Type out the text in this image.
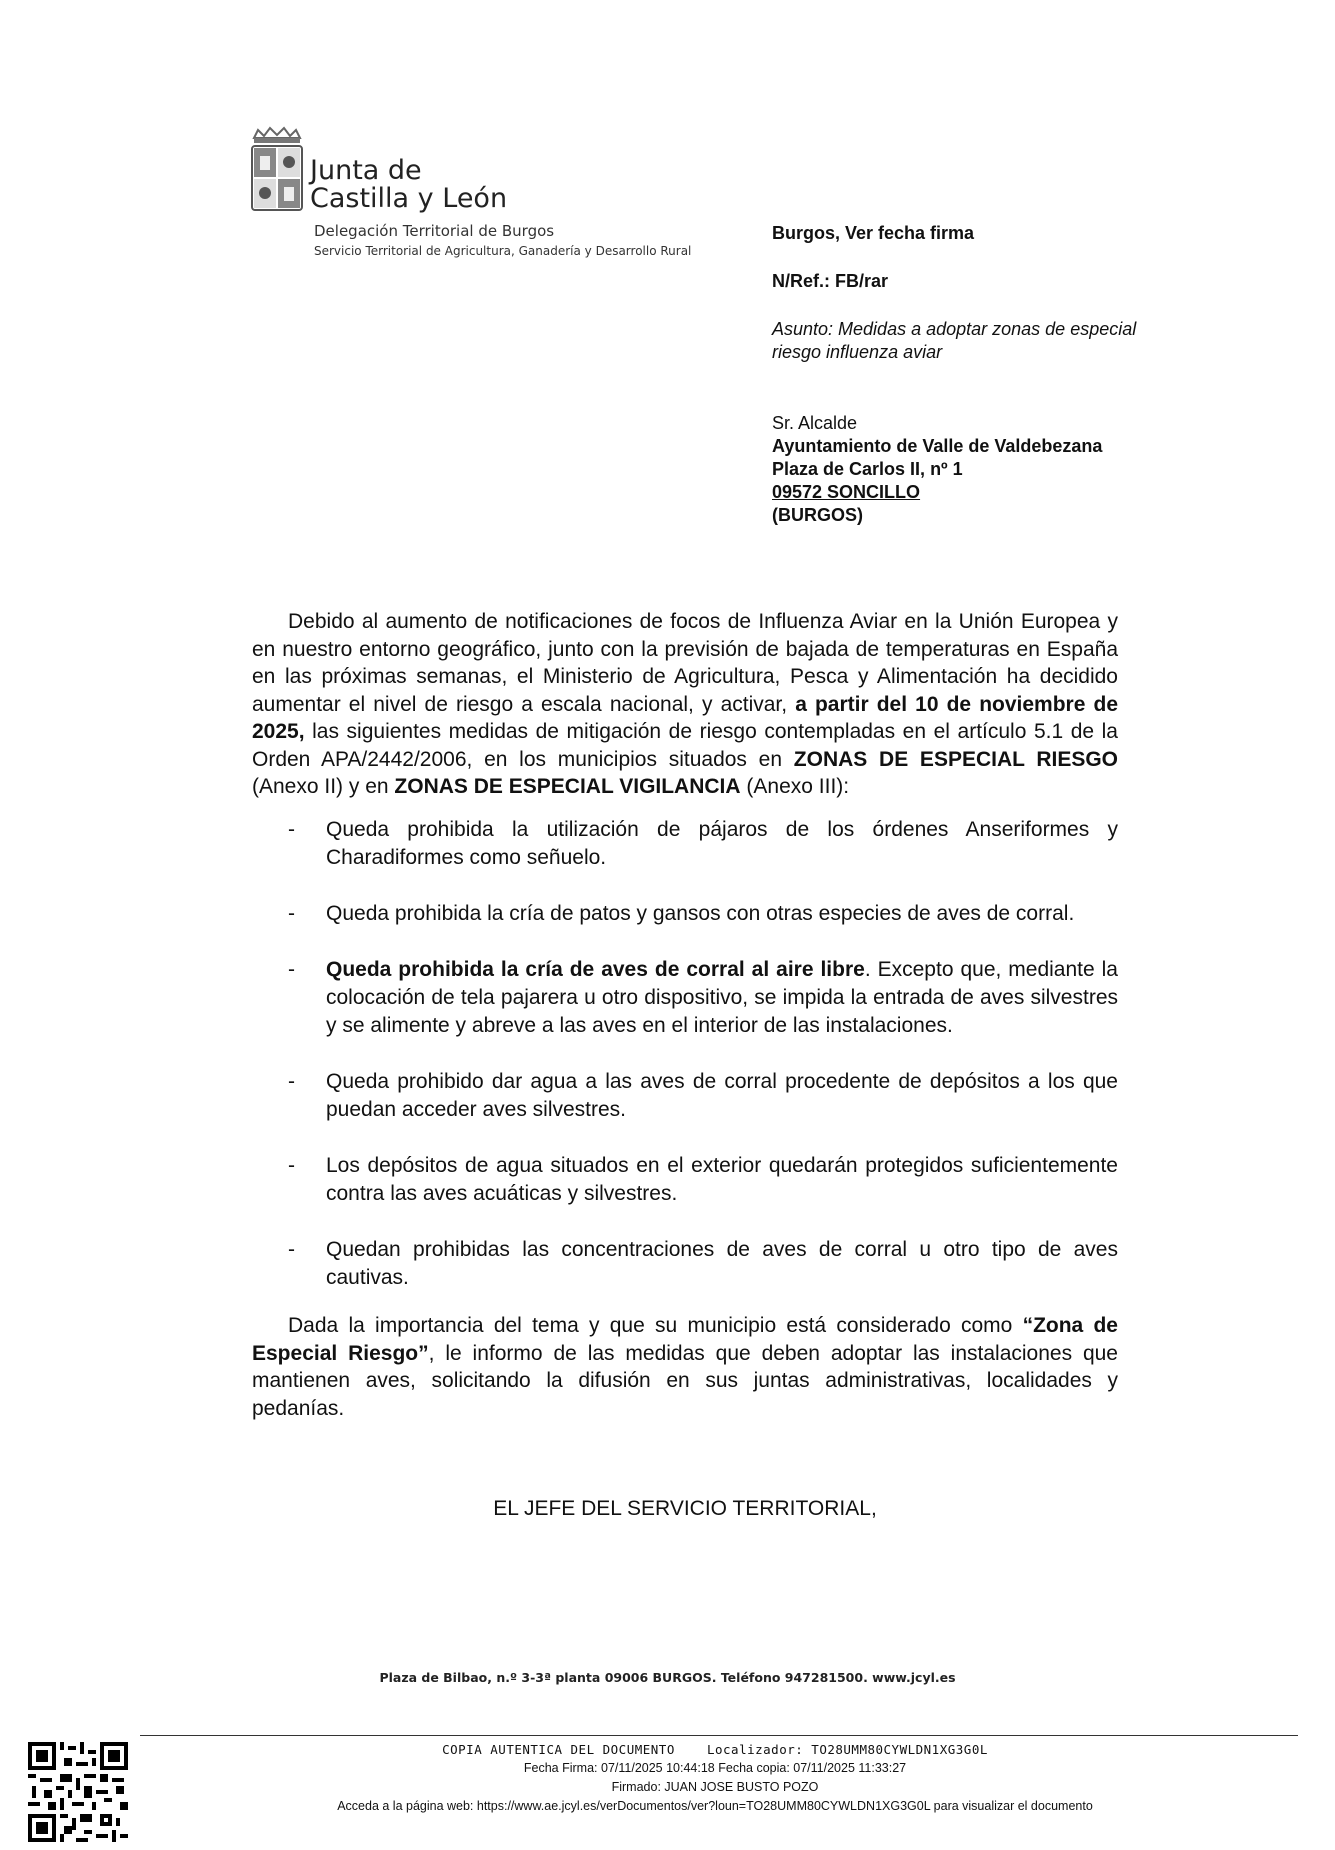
Junta de
Castilla y León
Delegación Territorial de Burgos
Servicio Territorial de Agricultura, Ganadería y Desarrollo Rural
Burgos, Ver fecha firma
N/Ref.: FB/rar
Asunto: Medidas a adoptar zonas de especial
riesgo influenza aviar
Sr. Alcalde
Ayuntamiento de Valle de Valdebezana
Plaza de Carlos II, nº 1
09572 SONCILLO
(BURGOS)
Debido al aumento de notificaciones de focos de Influenza Aviar en la Unión Europea y en nuestro entorno geográfico, junto con la previsión de bajada de temperaturas en España en las próximas semanas, el Ministerio de Agricultura, Pesca y Alimentación ha decidido aumentar el nivel de riesgo a escala nacional, y activar, a partir del 10 de noviembre de 2025, las siguientes medidas de mitigación de riesgo contempladas en el artículo 5.1 de la Orden APA/2442/2006, en los municipios situados en ZONAS DE ESPECIAL RIESGO (Anexo II) y en ZONAS DE ESPECIAL VIGILANCIA (Anexo III):
-	Queda prohibida la utilización de pájaros de los órdenes Anseriformes y Charadiformes como señuelo.
-	Queda prohibida la cría de patos y gansos con otras especies de aves de corral.
-	Queda prohibida la cría de aves de corral al aire libre. Excepto que, mediante la colocación de tela pajarera u otro dispositivo, se impida la entrada de aves silvestres y se alimente y abreve a las aves en el interior de las instalaciones.
-	Queda prohibido dar agua a las aves de corral procedente de depósitos a los que puedan acceder aves silvestres.
-	Los depósitos de agua situados en el exterior quedarán protegidos suficientemente contra las aves acuáticas y silvestres.
-	Quedan prohibidas las concentraciones de aves de corral u otro tipo de aves cautivas.
Dada la importancia del tema y que su municipio está considerado como “Zona de Especial Riesgo”, le informo de las medidas que deben adoptar las instalaciones que mantienen aves, solicitando la difusión en sus juntas administrativas, localidades y pedanías.
EL JEFE DEL SERVICIO TERRITORIAL,
Plaza de Bilbao, n.º 3-3ª planta 09006 BURGOS. Teléfono 947281500. www.jcyl.es
COPIA AUTENTICA DEL DOCUMENTO	Localizador: TO28UMM80CYWLDN1XG3G0L
Fecha Firma: 07/11/2025 10:44:18 Fecha copia: 07/11/2025 11:33:27
Firmado: JUAN JOSE BUSTO POZO
Acceda a la página web: https://www.ae.jcyl.es/verDocumentos/ver?loun=TO28UMM80CYWLDN1XG3G0L para visualizar el documento
